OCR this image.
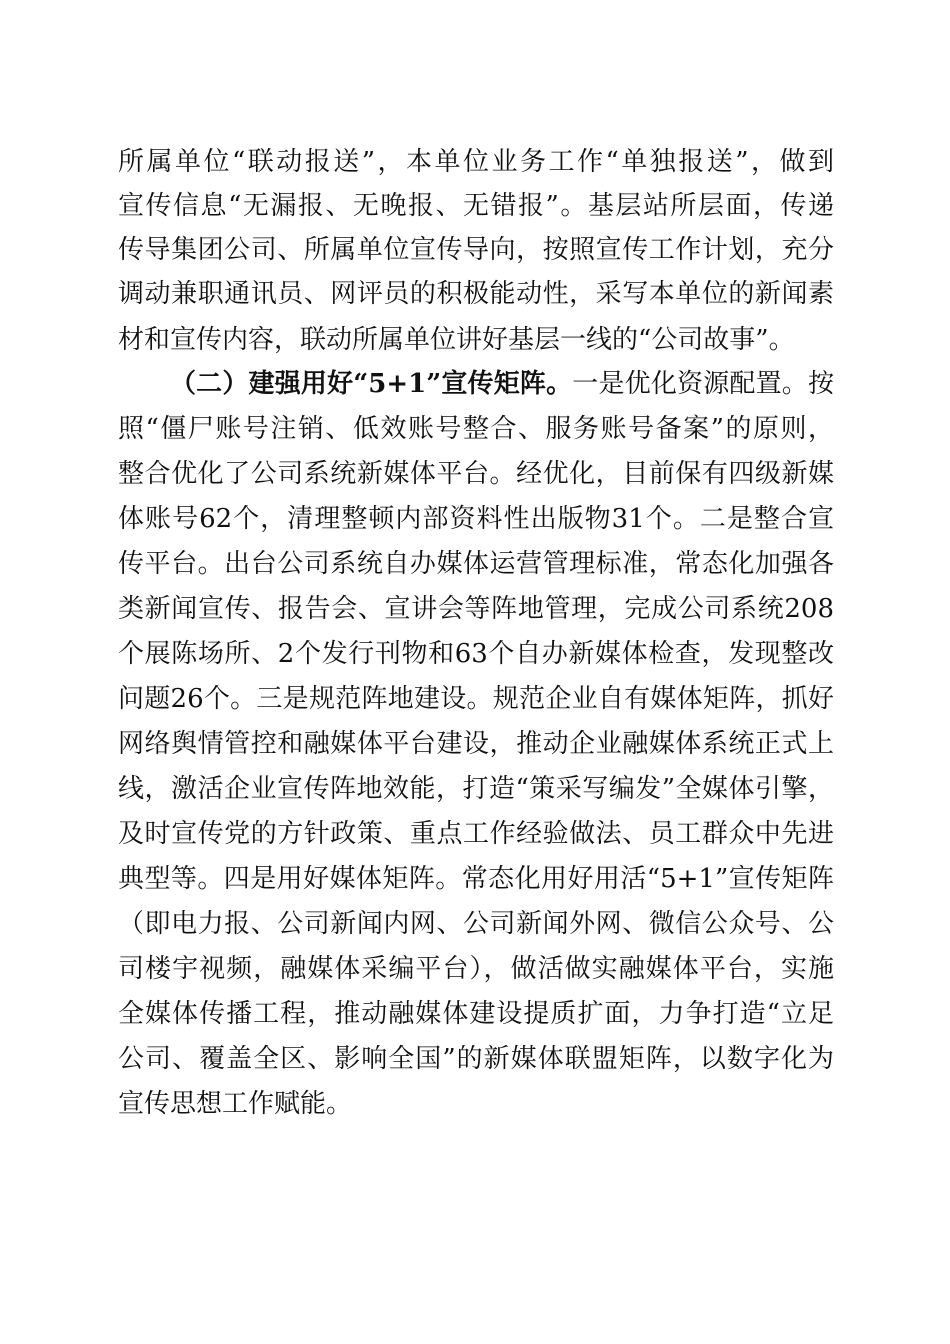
所属单位“联动报送”，本单位业务工作“单独报送”，做到
宣传信息“无漏报、无晚报、无错报”。基层站所层面，传递
传导集团公司、所属单位宣传导向，按照宣传工作计划，充分
调动兼职通讯员、网评员的积极能动性，采写本单位的新闻素
材和宣传内容，联动所属单位讲好基层一线的“公司故事”。
（二）建强用好“5+1”宣传矩阵。一是优化资源配置。按
照“僵尸账号注销、低效账号整合、服务账号备案”的原则，
整合优化了公司系统新媒体平台。经优化，目前保有四级新媒
体账号62个，清理整顿内部资料性出版物31个。二是整合宣
传平台。出台公司系统自办媒体运营管理标准，常态化加强各
类新闻宣传、报告会、宣讲会等阵地管理，完成公司系统208
个展陈场所、2个发行刊物和63个自办新媒体检查，发现整改
问题26个。三是规范阵地建设。规范企业自有媒体矩阵，抓好
网络舆情管控和融媒体平台建设，推动企业融媒体系统正式上
线，激活企业宣传阵地效能，打造“策采写编发”全媒体引擎，
及时宣传党的方针政策、重点工作经验做法、员工群众中先进
典型等。四是用好媒体矩阵。常态化用好用活“5+1”宣传矩阵
（即电力报、公司新闻内网、公司新闻外网、微信公众号、公
司楼宇视频，融媒体采编平台），做活做实融媒体平台，实施
全媒体传播工程，推动融媒体建设提质扩面，力争打造“立足
公司、覆盖全区、影响全国”的新媒体联盟矩阵，以数字化为
宣传思想工作赋能。
